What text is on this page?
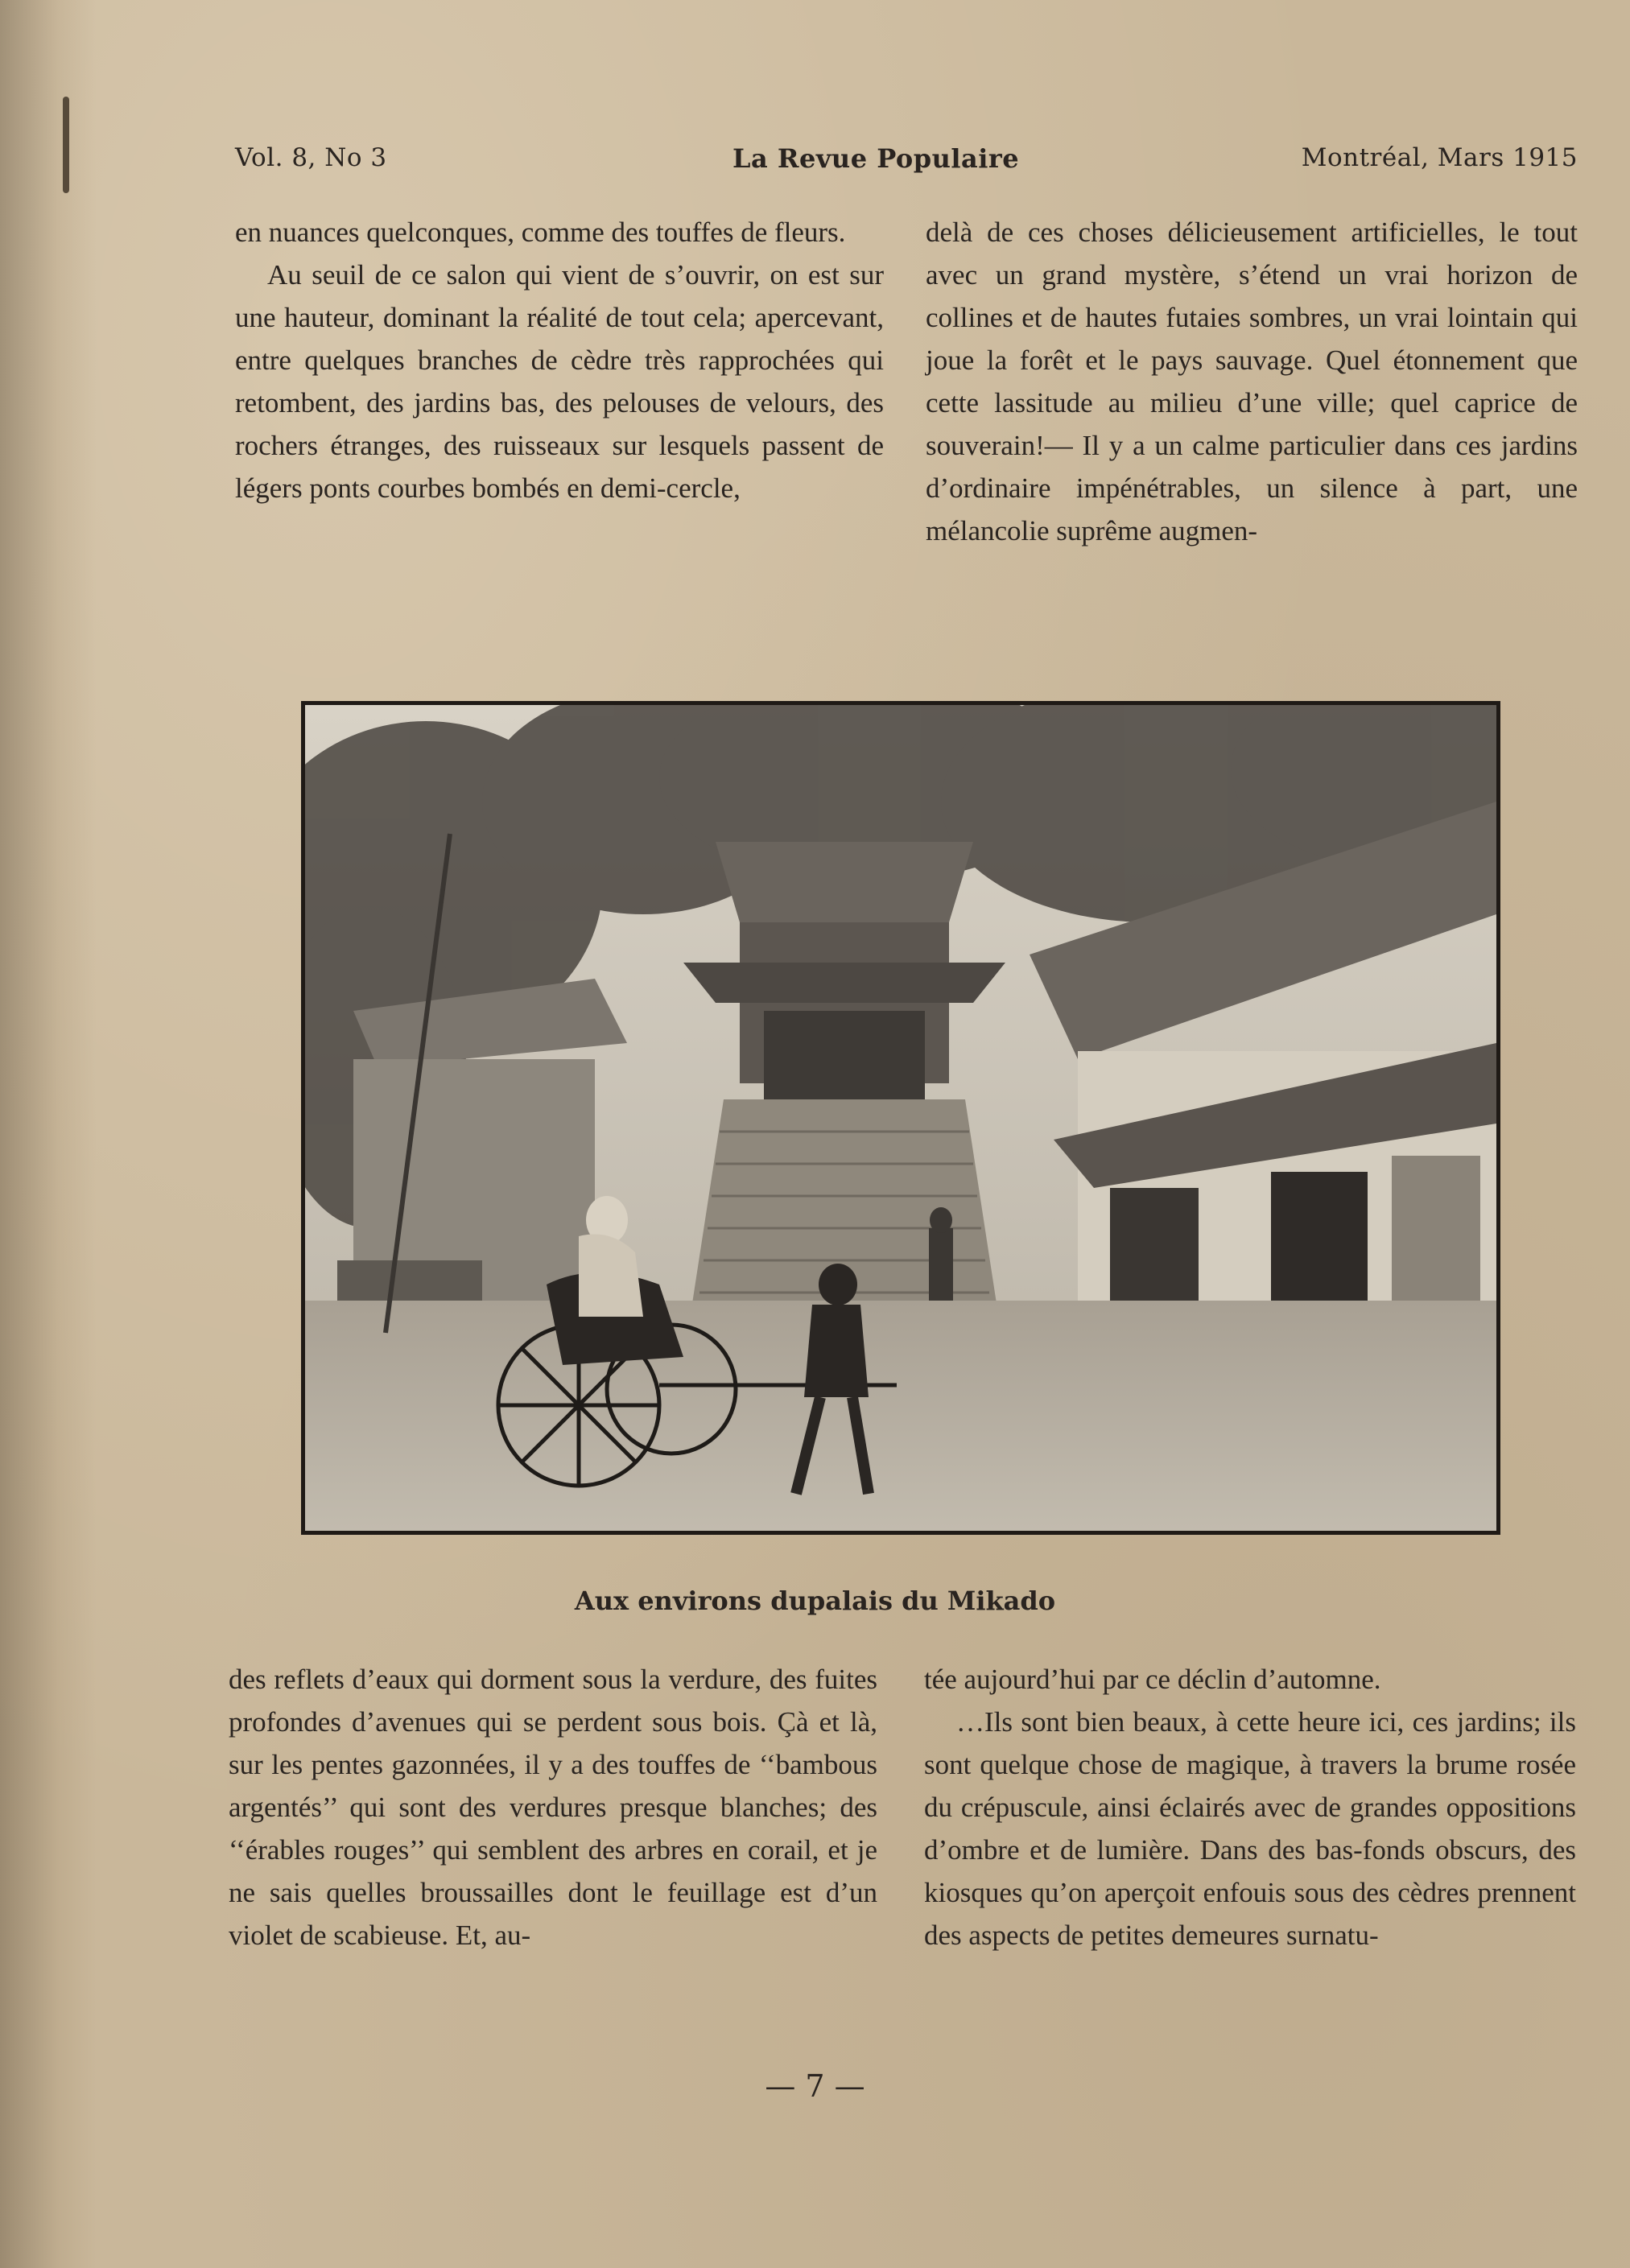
Vol. 8, No 3	La Revue Populaire	Montréal, Mars 1915

en nuances quelconques, comme des touffes de fleurs.

Au seuil de ce salon qui vient de s’ouvrir, on est sur une hauteur, dominant la réalité de tout cela; apercevant, entre quelques branches de cèdre très rapprochées qui retombent, des jardins bas, des pelouses de velours, des rochers étranges, des ruisseaux sur lesquels passent de légers ponts courbes bombés en demi-cercle,

delà de ces choses délicieusement artificielles, le tout avec un grand mystère, s’étend un vrai horizon de collines et de hautes futaies sombres, un vrai lointain qui joue la forêt et le pays sauvage. Quel étonnement que cette lassitude au milieu d’une ville; quel caprice de souverain!— Il y a un calme particulier dans ces jardins d’ordinaire impénétrables, un silence à part, une mélancolie suprême augmen-

Aux environs dupalais du Mikado

des reflets d’eaux qui dorment sous la verdure, des fuites profondes d’avenues qui se perdent sous bois. Çà et là, sur les pentes gazonnées, il y a des touffes de ‘‘bambous argentés’’ qui sont des verdures presque blanches; des ‘‘érables rouges’’ qui semblent des arbres en corail, et je ne sais quelles broussailles dont le feuillage est d’un violet de scabieuse. Et, au-

tée aujourd’hui par ce déclin d’automne.

…Ils sont bien beaux, à cette heure ici, ces jardins; ils sont quelque chose de magique, à travers la brume rosée du crépuscule, ainsi éclairés avec de grandes oppositions d’ombre et de lumière. Dans des bas-fonds obscurs, des kiosques qu’on aperçoit enfouis sous des cèdres prennent des aspects de petites demeures surnatu-

— 7 —
